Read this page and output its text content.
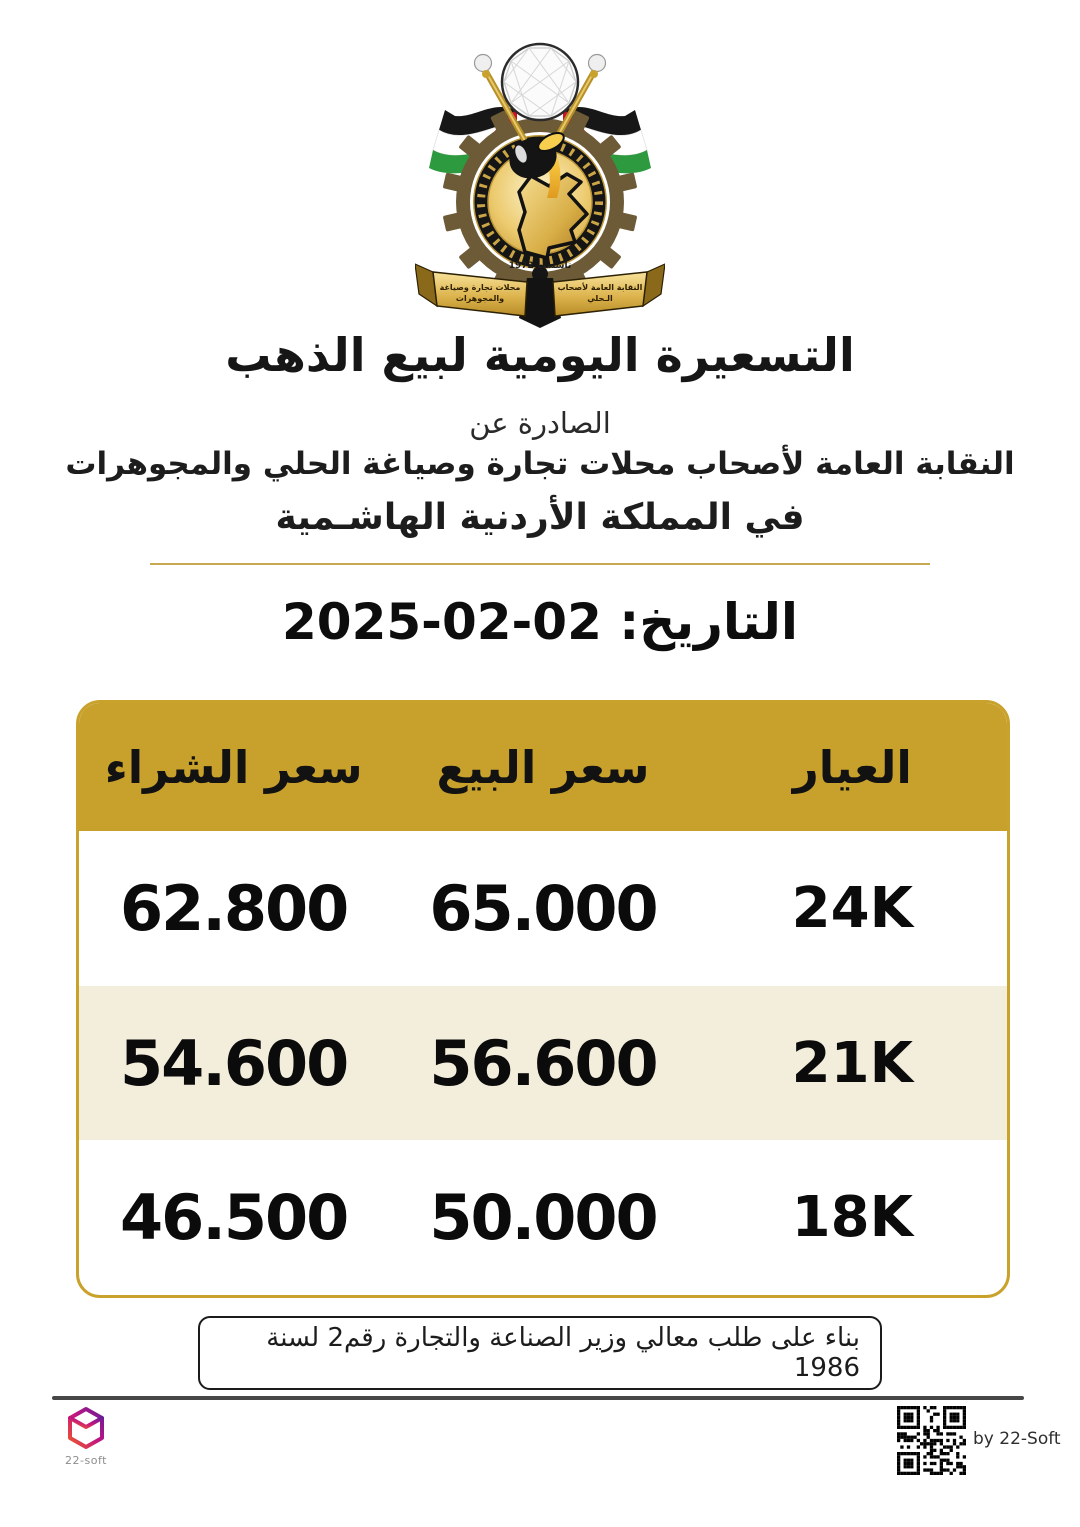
تأسست 1972
النقابة العامة لأصحاب
الـحلي
محلات تجارة وصياغة
والمجوهرات
التسعيرة اليومية لبيع الذهب
الصادرة عن
النقابة العامة لأصحاب محلات تجارة وصياغة الحلي والمجوهرات
في المملكة الأردنية الهاشـمية
التاريخ: 02-02-2025
العيار
سعر البيع
سعر الشراء
24K
65.000
62.800
21K
56.600
54.600
18K
50.000
46.500
بناء على طلب معالي وزير الصناعة والتجارة رقم2 لسنة 1986
22-soft
by 22-Soft
